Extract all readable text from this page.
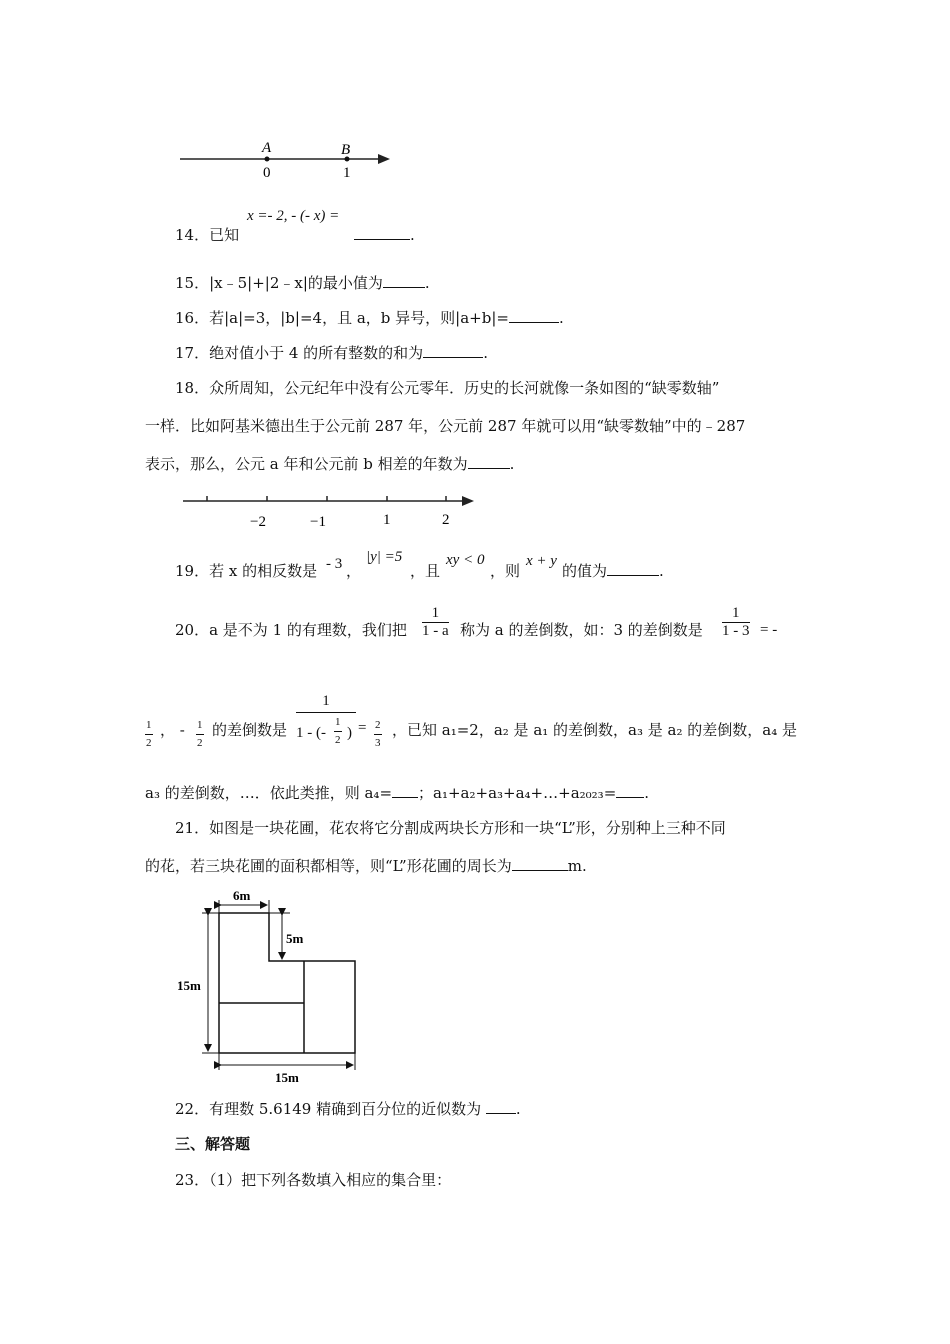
A	B
0	1
14．已知
x =- 2, - (- x) =
.
15．|x﹣5|+|2﹣x|的最小值为	.
16．若|a|=3，|b|=4，且 a，b 异号，则|a+b|=	.
17．绝对值小于 4 的所有整数的和为	.
18．众所周知，公元纪年中没有公元零年．历史的长河就像一条如图的“缺零数轴”
一样．比如阿基米德出生于公元前 287 年，公元前 287 年就可以用“缺零数轴”中的﹣287
表示，那么，公元 a 年和公元前 b 相差的年数为	.
−2	−1	1	2
19．若 x 的相反数是 - 3 ，
|y| =5
，且
xy < 0
，则
x + y
的值为	.
20．a 是不为 1 的有理数，我们把 $\frac{1}{1 - a}$ 称为 a 的差倒数，如：3 的差倒数是 $\frac{1}{1 - 3}$ = -
$\frac{1}{2}$ ， - $\frac{1}{2}$ 的差倒数是
1
1 - (- $\frac{1}{2}$ ) = $\frac{2}{3}$ ，已知 a₁=2，a₂ 是 a₁ 的差倒数，a₃ 是 a₂ 的差倒数，a₄ 是
a₃ 的差倒数，…．依此类推，则 a₄= ；a₁+a₂+a₃+a₄+…+a₂₀₂₃= .
21．如图是一块花圃，花农将它分割成两块长方形和一块“L”形，分别种上三种不同
的花，若三块花圃的面积都相等，则“L”形花圃的周长为	m.
6m
5m
15m
15m
22．有理数 5.6149 精确到百分位的近似数为 .
三、解答题
23．（1）把下列各数填入相应的集合里：
